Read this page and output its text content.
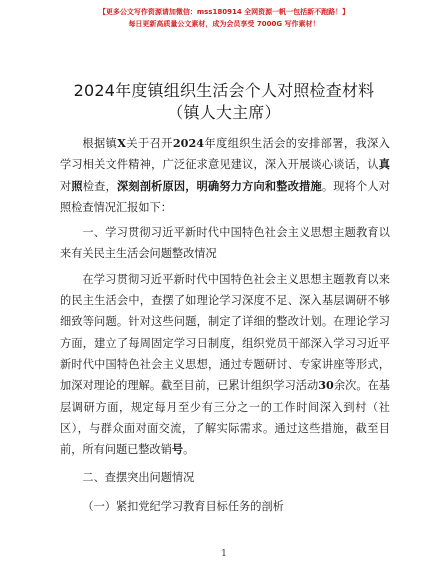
【更多公文写作资源请加微信：mss180914 全网资源一帆一包括新不跑路！】
每日更新高质量公文素材，成为会员享受 7000G 写作素材！
2024年度镇组织生活会个人对照检查材料（镇人大主席）

根据镇X关于召开2024年度组织生活会的安排部署，我深入学习相关文件精神，广泛征求意见建议，深入开展谈心谈话，认真对照检查，深刻剖析原因，明确努力方向和整改措施。现将个人对照检查情况汇报如下：

一、学习贯彻习近平新时代中国特色社会主义思想主题教育以来有关民主生活会问题整改情况

在学习贯彻习近平新时代中国特色社会主义思想主题教育以来的民主生活会中，查摆了如理论学习深度不足、深入基层调研不够细致等问题。针对这些问题，制定了详细的整改计划。在理论学习方面，建立了每周固定学习日制度，组织党员干部深入学习习近平新时代中国特色社会主义思想，通过专题研讨、专家讲座等形式，加深对理论的理解。截至目前，已累计组织学习活动30余次。在基层调研方面，规定每月至少有三分之一的工作时间深入到村（社区），与群众面对面交流，了解实际需求。通过这些措施，截至目前，所有问题已整改销号。

二、查摆突出问题情况

（一）紧扣党纪学习教育目标任务的剖析

1
